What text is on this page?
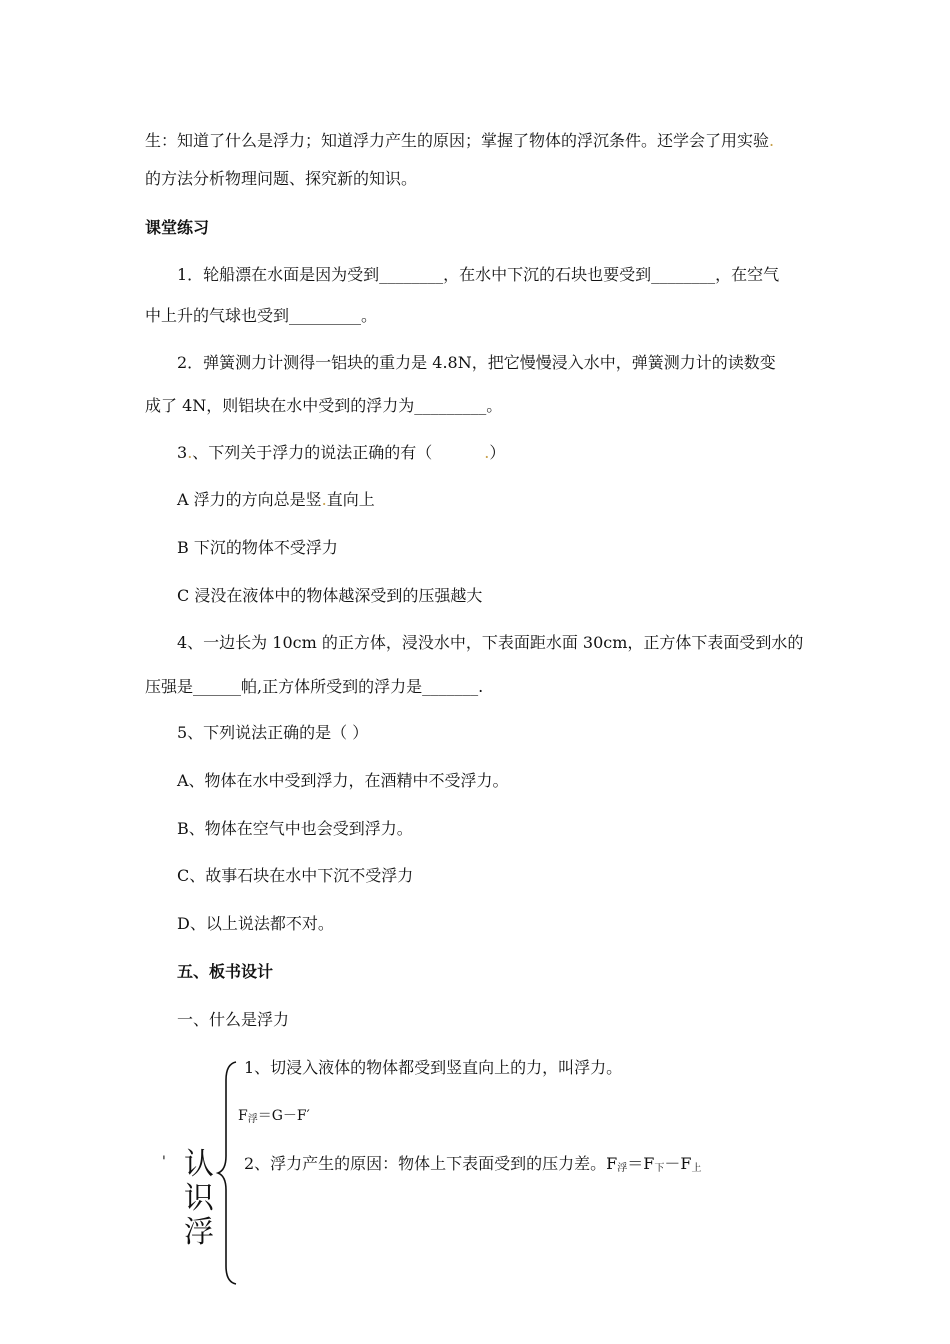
生：知道了什么是浮力；知道浮力产生的原因；掌握了物体的浮沉条件。还学会了用实验.
的方法分析物理问题、探究新的知识。
课堂练习
1．轮船漂在水面是因为受到________，在水中下沉的石块也要受到________，在空气
中上升的气球也受到_________。
2．弹簧测力计测得一铝块的重力是 4.8N，把它慢慢浸入水中，弹簧测力计的读数变
成了 4N，则铝块在水中受到的浮力为_________。
3.、下列关于浮力的说法正确的有（	.）
A 浮力的方向总是竖.直向上
B 下沉的物体不受浮力
C 浸没在液体中的物体越深受到的压强越大
4、一边长为 10cm 的正方体，浸没水中，下表面距水面 30cm，正方体下表面受到水的
压强是______帕,正方体所受到的浮力是_______.
5、下列说法正确的是（ ）
A、物体在水中受到浮力，在酒精中不受浮力。
B、物体在空气中也会受到浮力。
C、故事石块在水中下沉不受浮力
D、以上说法都不对。
五、板书设计
一、什么是浮力
' 认
识
浮
1、切浸入液体的物体都受到竖直向上的力，叫浮力。
$F_浮=G-F'$
2、浮力产生的原因：物体上下表面受到的压力差。$F_浮=F_下-F_上$
